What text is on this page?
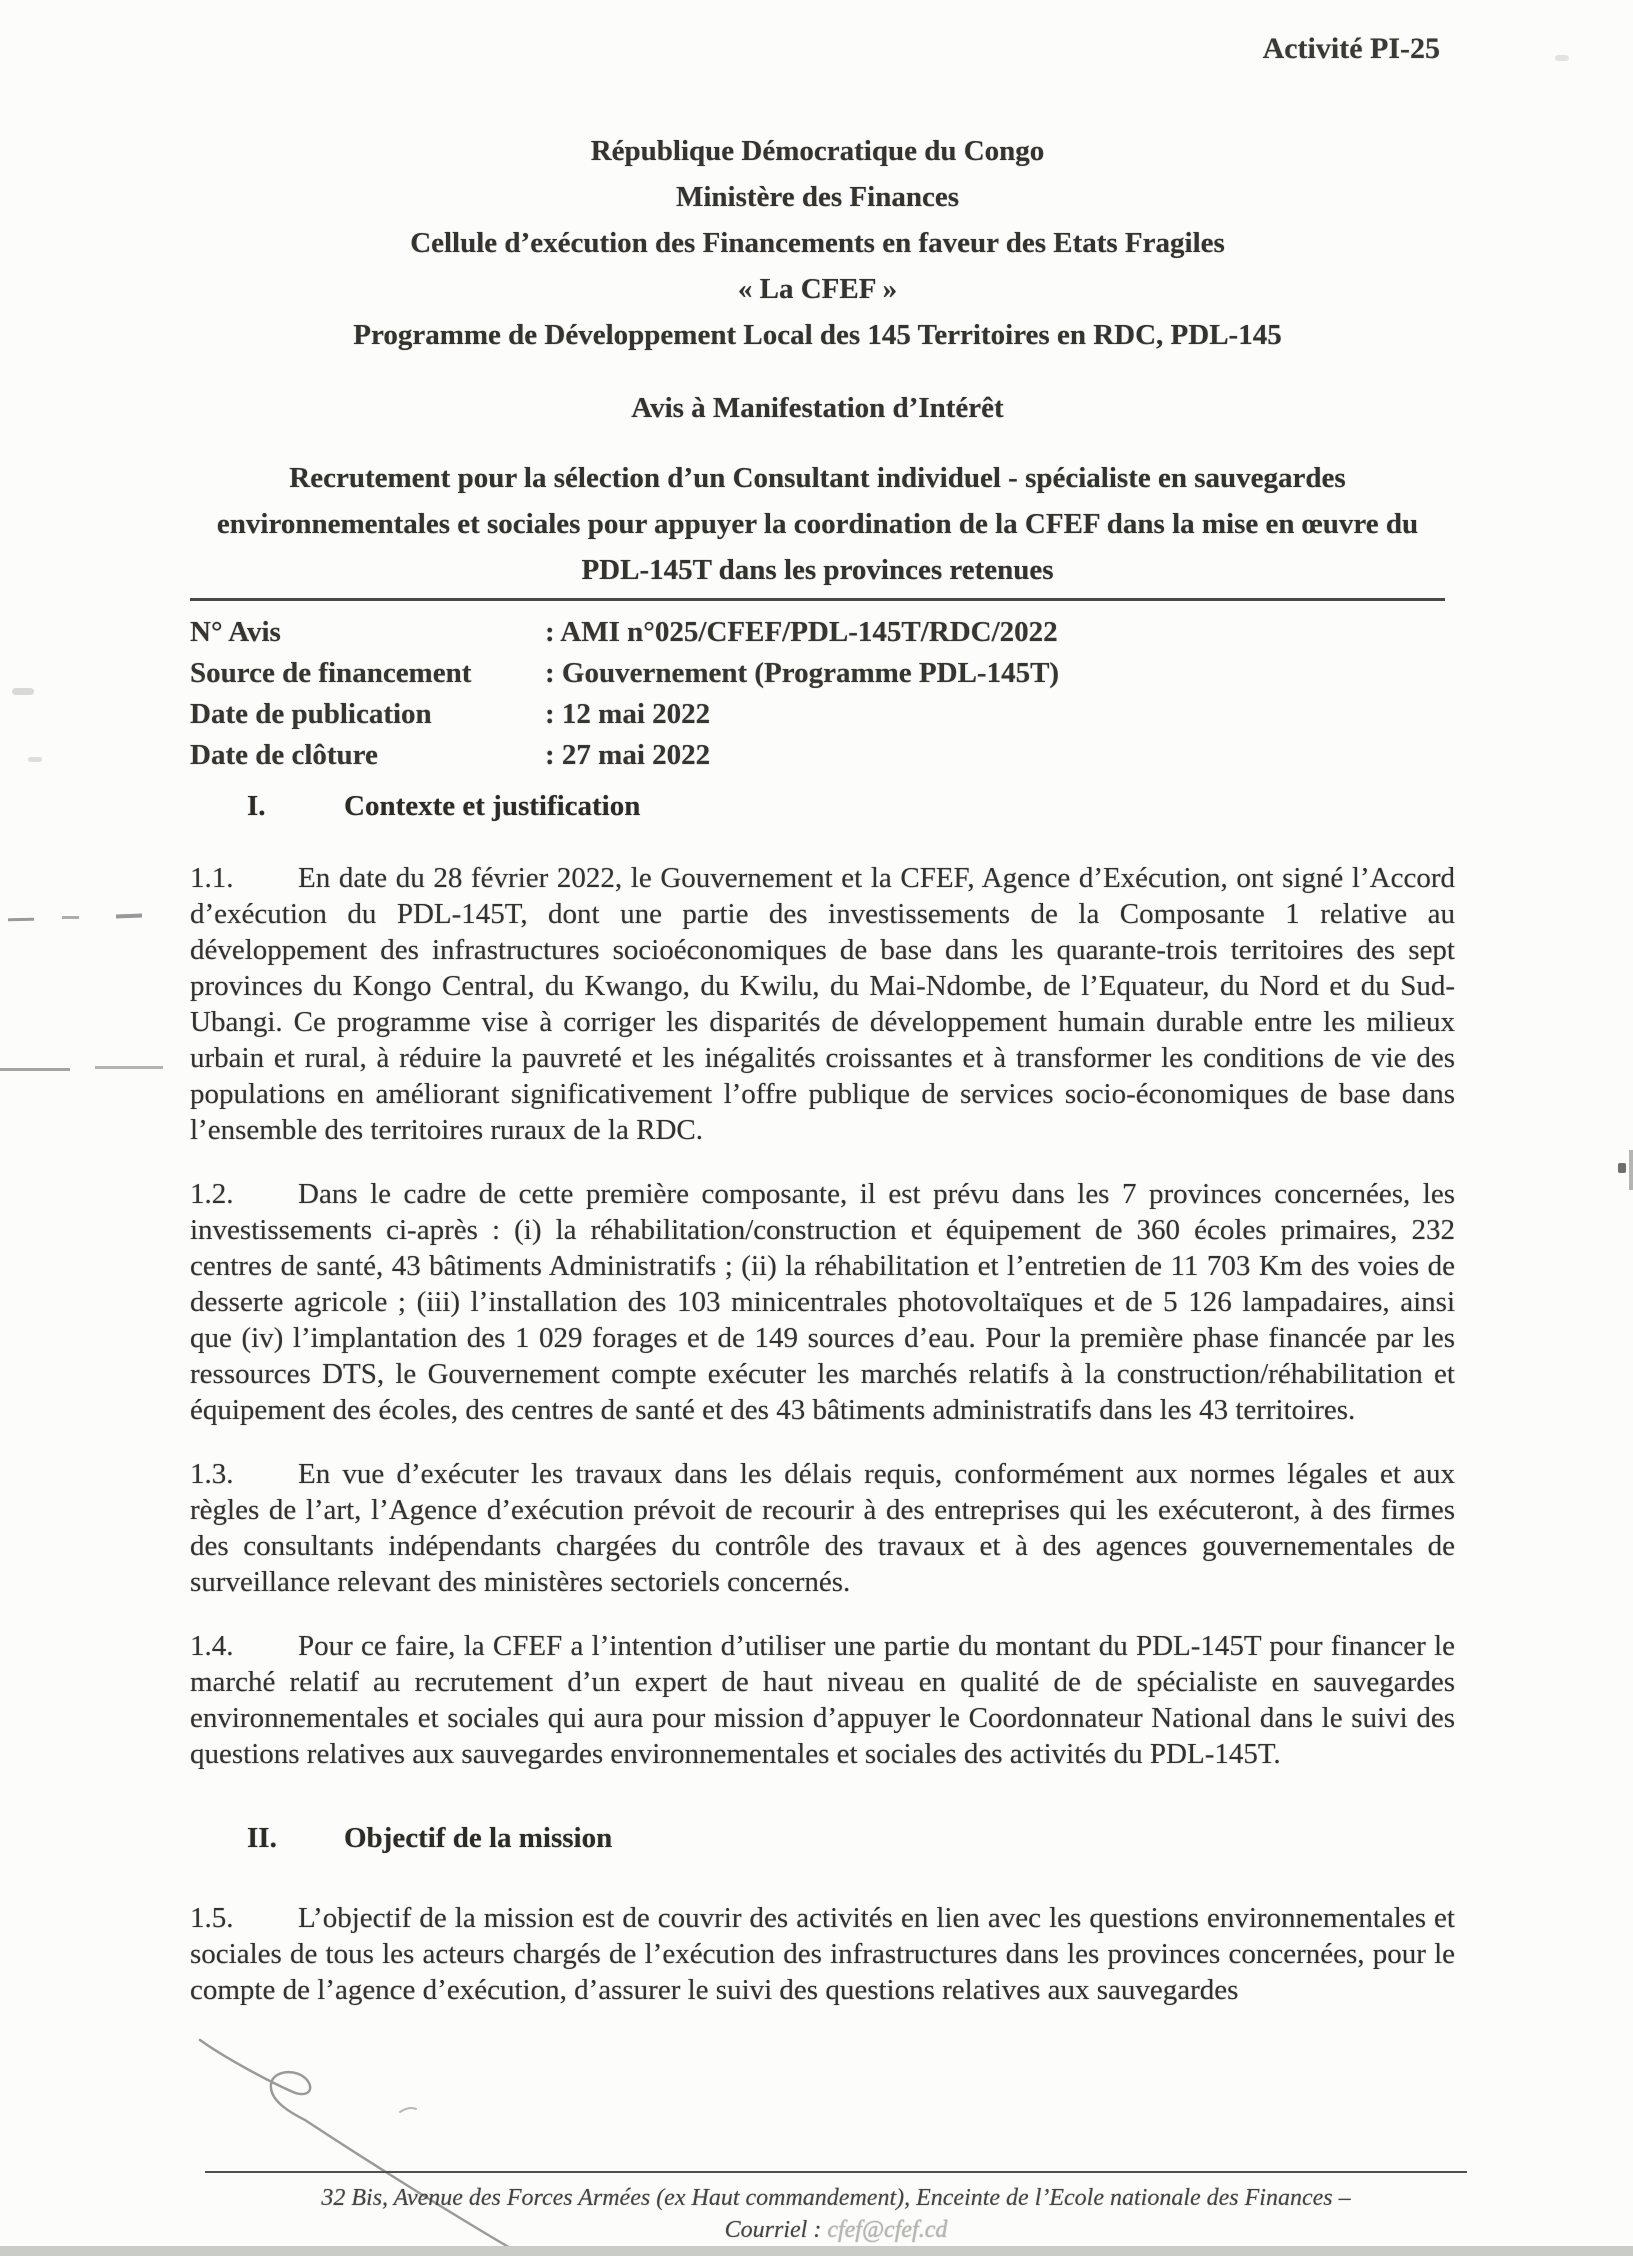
Activité PI-25
République Démocratique du Congo
Ministère des Finances
Cellule d’exécution des Financements en faveur des Etats Fragiles
« La CFEF »
Programme de Développement Local des 145 Territoires en RDC, PDL-145
Avis à Manifestation d’Intérêt
Recrutement pour la sélection d’un Consultant individuel - spécialiste en sauvegardes environnementales et sociales pour appuyer la coordination de la CFEF dans la mise en œuvre du PDL-145T dans les provinces retenues
N° Avis	: AMI n°025/CFEF/PDL-145T/RDC/2022
Source de financement	: Gouvernement (Programme PDL-145T)
Date de publication	: 12 mai 2022
Date de clôture	: 27 mai 2022
I.	Contexte et justification

1.1. En date du 28 février 2022, le Gouvernement et la CFEF, Agence d’Exécution, ont signé l’Accord d’exécution du PDL-145T, dont une partie des investissements de la Composante 1 relative au développement des infrastructures socioéconomiques de base dans les quarante-trois territoires des sept provinces du Kongo Central, du Kwango, du Kwilu, du Mai-Ndombe, de l’Equateur, du Nord et du Sud-Ubangi. Ce programme vise à corriger les disparités de développement humain durable entre les milieux urbain et rural, à réduire la pauvreté et les inégalités croissantes et à transformer les conditions de vie des populations en améliorant significativement l’offre publique de services socio-économiques de base dans l’ensemble des territoires ruraux de la RDC.

1.2. Dans le cadre de cette première composante, il est prévu dans les 7 provinces concernées, les investissements ci-après : (i) la réhabilitation/construction et équipement de 360 écoles primaires, 232 centres de santé, 43 bâtiments Administratifs ; (ii) la réhabilitation et l’entretien de 11 703 Km des voies de desserte agricole ; (iii) l’installation des 103 minicentrales photovoltaïques et de 5 126 lampadaires, ainsi que (iv) l’implantation des 1 029 forages et de 149 sources d’eau. Pour la première phase financée par les ressources DTS, le Gouvernement compte exécuter les marchés relatifs à la construction/réhabilitation et équipement des écoles, des centres de santé et des 43 bâtiments administratifs dans les 43 territoires.

1.3. En vue d’exécuter les travaux dans les délais requis, conformément aux normes légales et aux règles de l’art, l’Agence d’exécution prévoit de recourir à des entreprises qui les exécuteront, à des firmes des consultants indépendants chargées du contrôle des travaux et à des agences gouvernementales de surveillance relevant des ministères sectoriels concernés.

1.4. Pour ce faire, la CFEF a l’intention d’utiliser une partie du montant du PDL-145T pour financer le marché relatif au recrutement d’un expert de haut niveau en qualité de de spécialiste en sauvegardes environnementales et sociales qui aura pour mission d’appuyer le Coordonnateur National dans le suivi des questions relatives aux sauvegardes environnementales et sociales des activités du PDL-145T.

II. Objectif de la mission

1.5. L’objectif de la mission est de couvrir des activités en lien avec les questions environnementales et sociales de tous les acteurs chargés de l’exécution des infrastructures dans les provinces concernées, pour le compte de l’agence d’exécution, d’assurer le suivi des questions relatives aux sauvegardes

32 Bis, Avenue des Forces Armées (ex Haut commandement), Enceinte de l’Ecole nationale des Finances –
Courriel : cfef@cfef.cd
